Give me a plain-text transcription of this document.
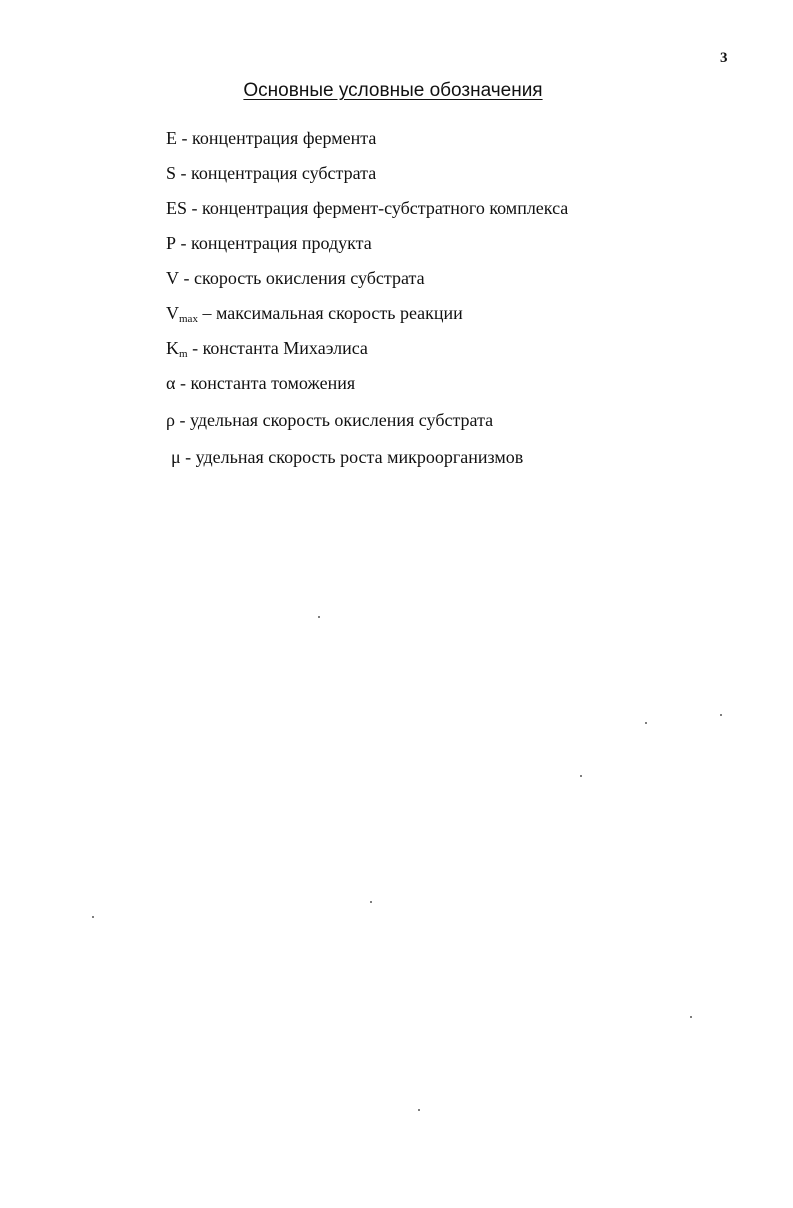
3
Основные условные обозначения
E - концентрация фермента
S - концентрация субстрата
ES - концентрация фермент-субстратного комплекса
P - концентрация продукта
V - скорость окисления субстрата
$V_{max}$ – максимальная скорость реакции
$K_m$ - константа Михаэлиса
α - константа томожения
ρ - удельная скорость окисления субстрата
μ - удельная скорость роста микроорганизмов
